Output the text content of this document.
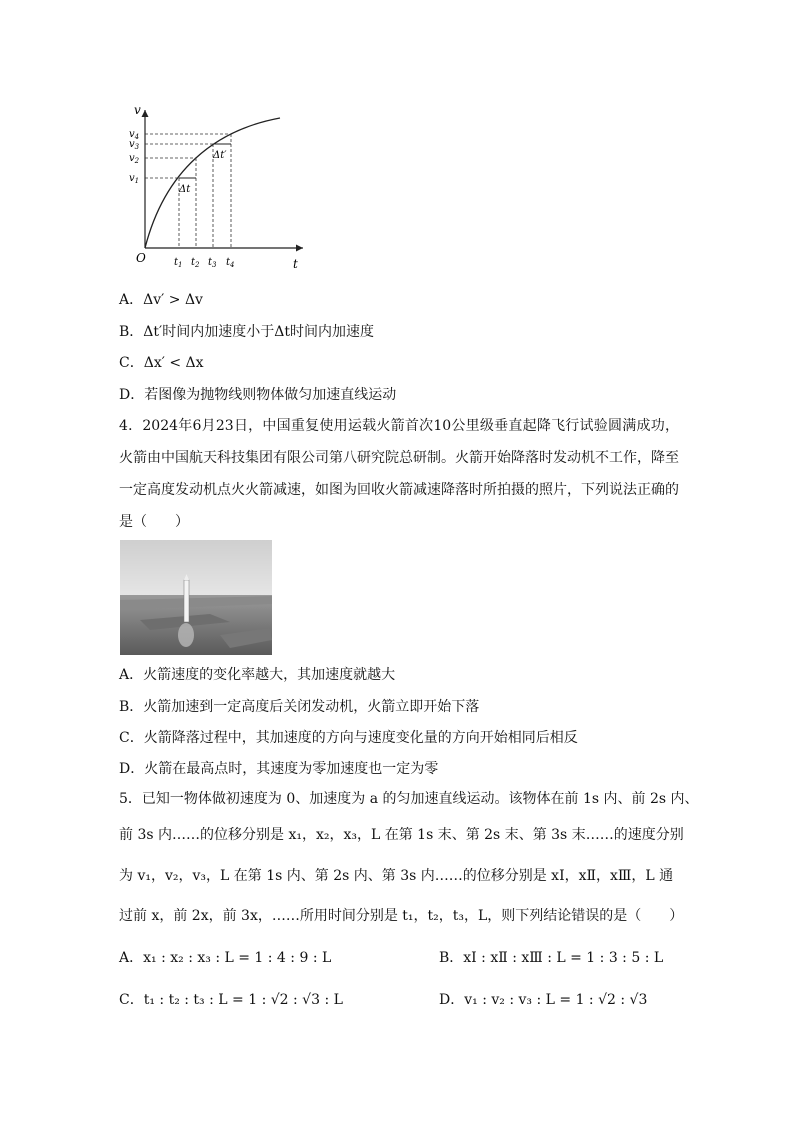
v
t
O
Δt
Δt′
$v_4$
$v_3$
$v_2$
$v_1$
$t_1$ $t_2$ $t_3$ $t_4$
A．Δv′ > Δv
B．Δt′时间内加速度小于Δt时间内加速度
C．Δx′ < Δx
D．若图像为抛物线则物体做匀加速直线运动
4．2024年6月23日，中国重复使用运载火箭首次10公里级垂直起降飞行试验圆满成功，火箭由中国航天科技集团有限公司第八研究院总研制。火箭开始降落时发动机不工作，降至一定高度发动机点火火箭减速，如图为回收火箭减速降落时所拍摄的照片，下列说法正确的是（　　）
A．火箭速度的变化率越大，其加速度就越大
B．火箭加速到一定高度后关闭发动机，火箭立即开始下落
C．火箭降落过程中，其加速度的方向与速度变化量的方向开始相同后相反
D．火箭在最高点时，其速度为零加速度也一定为零
5．已知一物体做初速度为 0、加速度为 a 的匀加速直线运动。该物体在前 1s 内、前 2s 内、
前 3s 内……的位移分别是 x₁，x₂，x₃，L 在第 1s 末、第 2s 末、第 3s 末……的速度分别
为 v₁，v₂，v₃，L 在第 1s 内、第 2s 内、第 3s 内……的位移分别是 xⅠ，xⅡ，xⅢ，L 通
过前 x，前 2x，前 3x，……所用时间分别是 t₁，t₂，t₃，L，则下列结论错误的是（　　）
A．x₁ : x₂ : x₃ : L = 1 : 4 : 9 : L	B．xⅠ : xⅡ : xⅢ : L = 1 : 3 : 5 : L
C．t₁ : t₂ : t₃ : L = 1 : √2 : √3 : L	D．v₁ : v₂ : v₃ : L = 1 : √2 : √3
